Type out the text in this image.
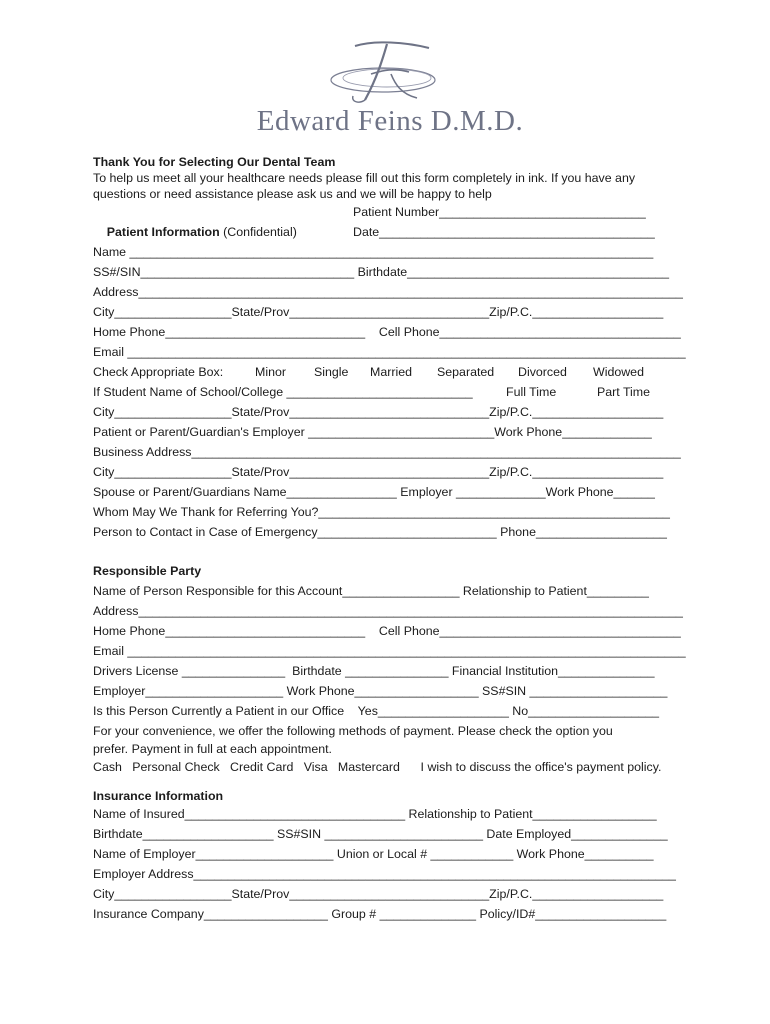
Edward Feins D.M.D.
Thank You for Selecting Our Dental Team
To help us meet all your healthcare needs please fill out this form completely in ink. If you have any
questions or need assistance please ask us and we will be happy to help

Patient Information (Confidential)

Patient Number______________________________

Date________________________________________

Name ____________________________________________________________________________
SS#/SIN_______________________________ Birthdate______________________________________
Address_______________________________________________________________________________
City_________________State/Prov_____________________________Zip/P.C.___________________
Home Phone_____________________________    Cell Phone___________________________________
Email _________________________________________________________________________________

Check Appropriate Box:

	Minor

Single

Married

Separated

Divorced

Widowed

If Student Name of School/College ___________________________

	Full Time

	Part Time

City_________________State/Prov_____________________________Zip/P.C.___________________
Patient or Parent/Guardian's Employer ___________________________Work Phone_____________
Business Address_______________________________________________________________________
City_________________State/Prov_____________________________Zip/P.C.___________________
Spouse or Parent/Guardians Name________________ Employer _____________Work Phone______
Whom May We Thank for Referring You?___________________________________________________
Person to Contact in Case of Emergency__________________________ Phone___________________
Responsible Party
Name of Person Responsible for this Account_________________ Relationship to Patient_________
Address_______________________________________________________________________________
Home Phone_____________________________    Cell Phone___________________________________
Email _________________________________________________________________________________
Drivers License _______________  Birthdate _______________ Financial Institution______________
Employer____________________ Work Phone__________________ SS#SIN ____________________
Is this Person Currently a Patient in our Office    Yes___________________ No___________________
For your convenience, we offer the following methods of payment. Please check the option you
prefer. Payment in full at each appointment.
Cash   Personal Check   Credit Card   Visa   Mastercard      I wish to discuss the office's payment policy.
Insurance Information
Name of Insured________________________________ Relationship to Patient__________________
Birthdate___________________ SS#SIN _______________________ Date Employed______________
Name of Employer____________________ Union or Local # ____________ Work Phone__________
Employer Address______________________________________________________________________
City_________________State/Prov_____________________________Zip/P.C.___________________
Insurance Company__________________ Group # ______________ Policy/ID#___________________
